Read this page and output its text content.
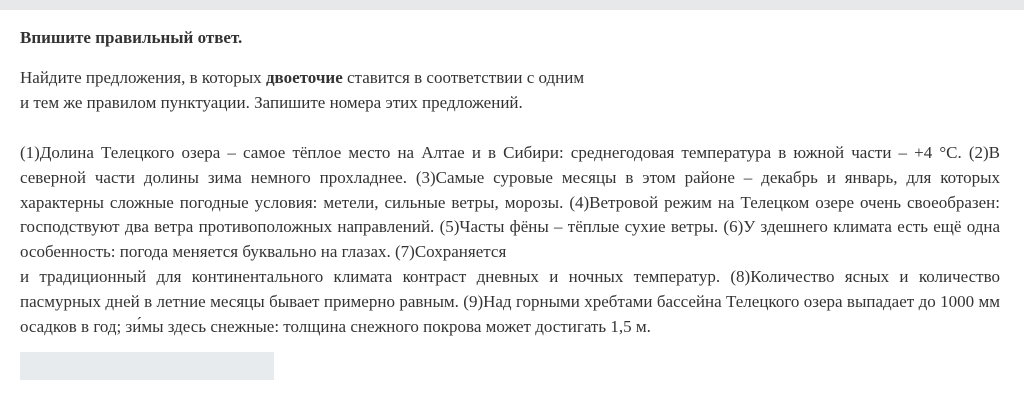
Впишите правильный ответ.

Найдите предложения, в которых двоеточие ставится в соответствии с одним
и тем же правилом пунктуации. Запишите номера этих предложений.
(1)Долина Телецкого озера – самое тёплое место на Алтае и в Сибири: среднегодовая температура в южной части – +4 °C. (2)В северной части долины зима немного прохладнее. (3)Самые суровые месяцы в этом районе – декабрь и январь, для которых характерны сложные погодные условия: метели, сильные ветры, морозы. (4)Ветровой режим на Телецком озере очень своеобразен: господствуют два ветра противоположных направлений. (5)Часты фёны – тёплые сухие ветры. (6)У здешнего климата есть ещё одна особенность: погода меняется буквально на глазах. (7)Сохраняется
и традиционный для континентального климата контраст дневных и ночных температур. (8)Количество ясных и количество пасмурных дней в летние месяцы бывает примерно равным. (9)Над горными хребтами бассейна Телецкого озера выпадает до 1000 мм осадков в год; зи́мы здесь снежные: толщина снежного покрова может достигать 1,5 м.
